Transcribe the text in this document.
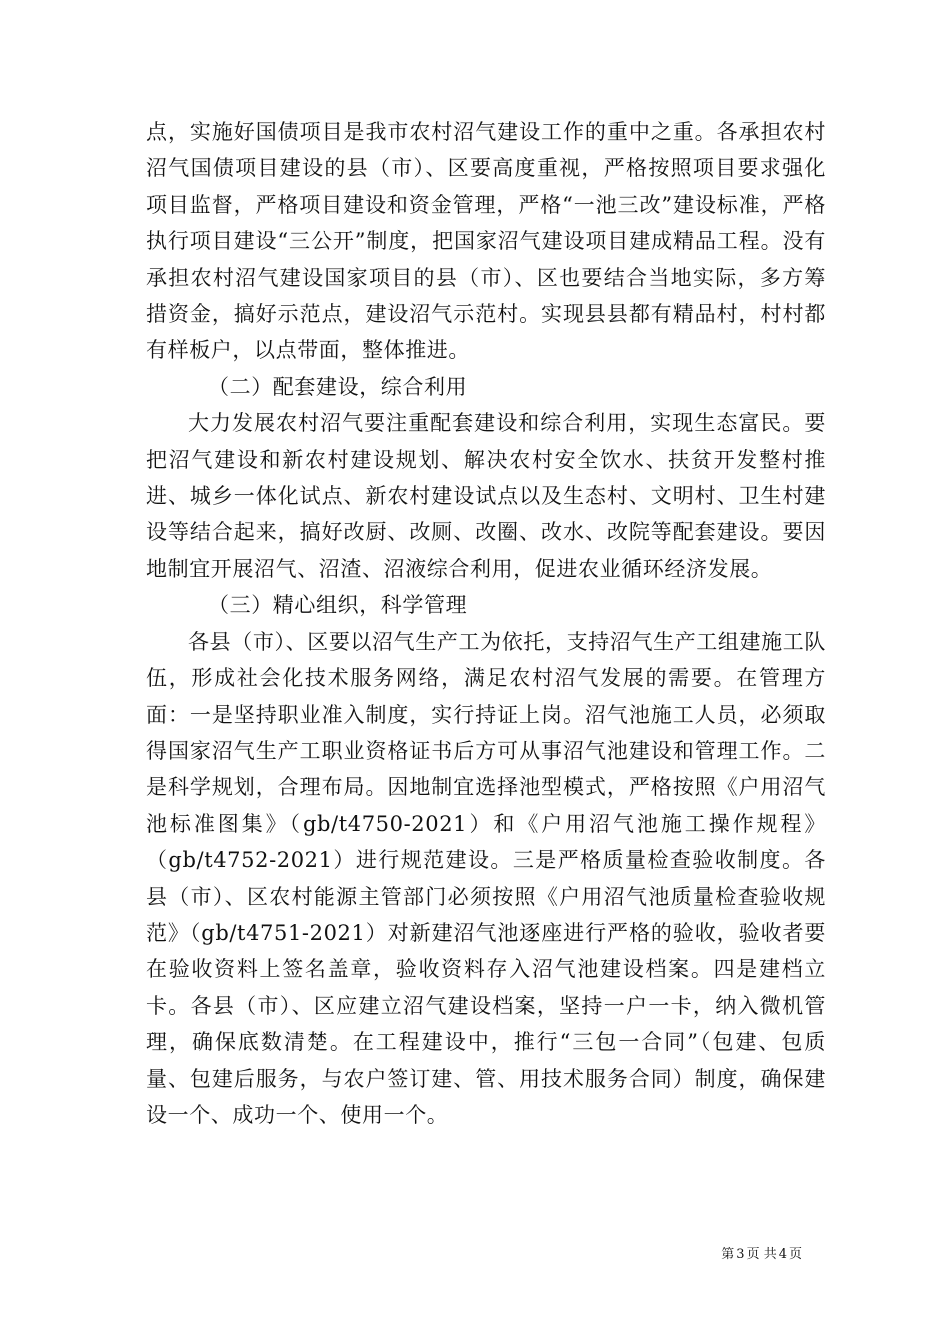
点，实施好国债项目是我市农村沼气建设工作的重中之重。各承担农村沼气国债项目建设的县（市）、区要高度重视，严格按照项目要求强化项目监督，严格项目建设和资金管理，严格“一池三改”建设标准，严格执行项目建设“三公开”制度，把国家沼气建设项目建成精品工程。没有承担农村沼气建设国家项目的县（市）、区也要结合当地实际，多方筹措资金，搞好示范点，建设沼气示范村。实现县县都有精品村，村村都有样板户，以点带面，整体推进。

（二）配套建设，综合利用

大力发展农村沼气要注重配套建设和综合利用，实现生态富民。要把沼气建设和新农村建设规划、解决农村安全饮水、扶贫开发整村推进、城乡一体化试点、新农村建设试点以及生态村、文明村、卫生村建设等结合起来，搞好改厨、改厕、改圈、改水、改院等配套建设。要因地制宜开展沼气、沼渣、沼液综合利用，促进农业循环经济发展。

（三）精心组织，科学管理

各县（市）、区要以沼气生产工为依托，支持沼气生产工组建施工队伍，形成社会化技术服务网络，满足农村沼气发展的需要。在管理方面：一是坚持职业准入制度，实行持证上岗。沼气池施工人员，必须取得国家沼气生产工职业资格证书后方可从事沼气池建设和管理工作。二是科学规划，合理布局。因地制宜选择池型模式，严格按照《户用沼气池标准图集》（gb/t4750-2021）和《户用沼气池施工操作规程》（gb/t4752-2021）进行规范建设。三是严格质量检查验收制度。各县（市）、区农村能源主管部门必须按照《户用沼气池质量检查验收规范》（gb/t4751-2021）对新建沼气池逐座进行严格的验收，验收者要在验收资料上签名盖章，验收资料存入沼气池建设档案。四是建档立卡。各县（市）、区应建立沼气建设档案，坚持一户一卡，纳入微机管理，确保底数清楚。在工程建设中，推行“三包一合同”（包建、包质量、包建后服务，与农户签订建、管、用技术服务合同）制度，确保建设一个、成功一个、使用一个。

第 3 页 共 4 页
